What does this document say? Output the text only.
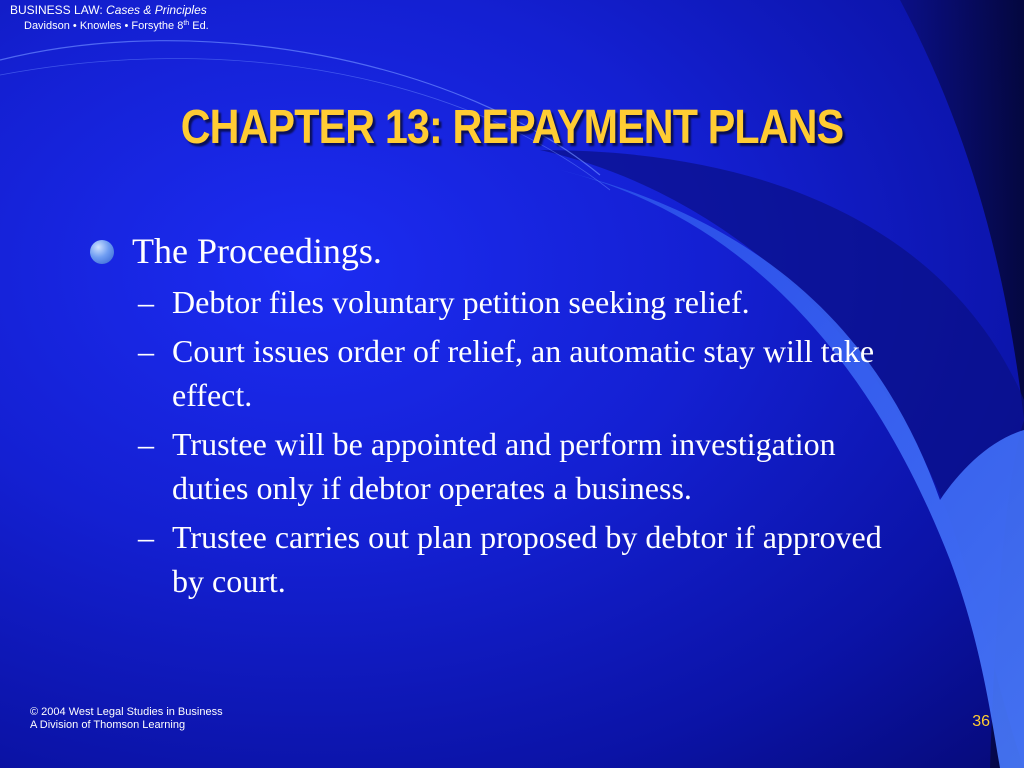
BUSINESS LAW: Cases & Principles
Davidson • Knowles • Forsythe 8th Ed.
CHAPTER 13: REPAYMENT PLANS
The Proceedings.
– Debtor files voluntary petition seeking relief.
– Court issues order of relief, an automatic stay will take effect.
– Trustee will be appointed and perform investigation duties only if debtor operates a business.
– Trustee carries out plan proposed by debtor if approved by court.
© 2004 West Legal Studies in Business
A Division of Thomson Learning	36
